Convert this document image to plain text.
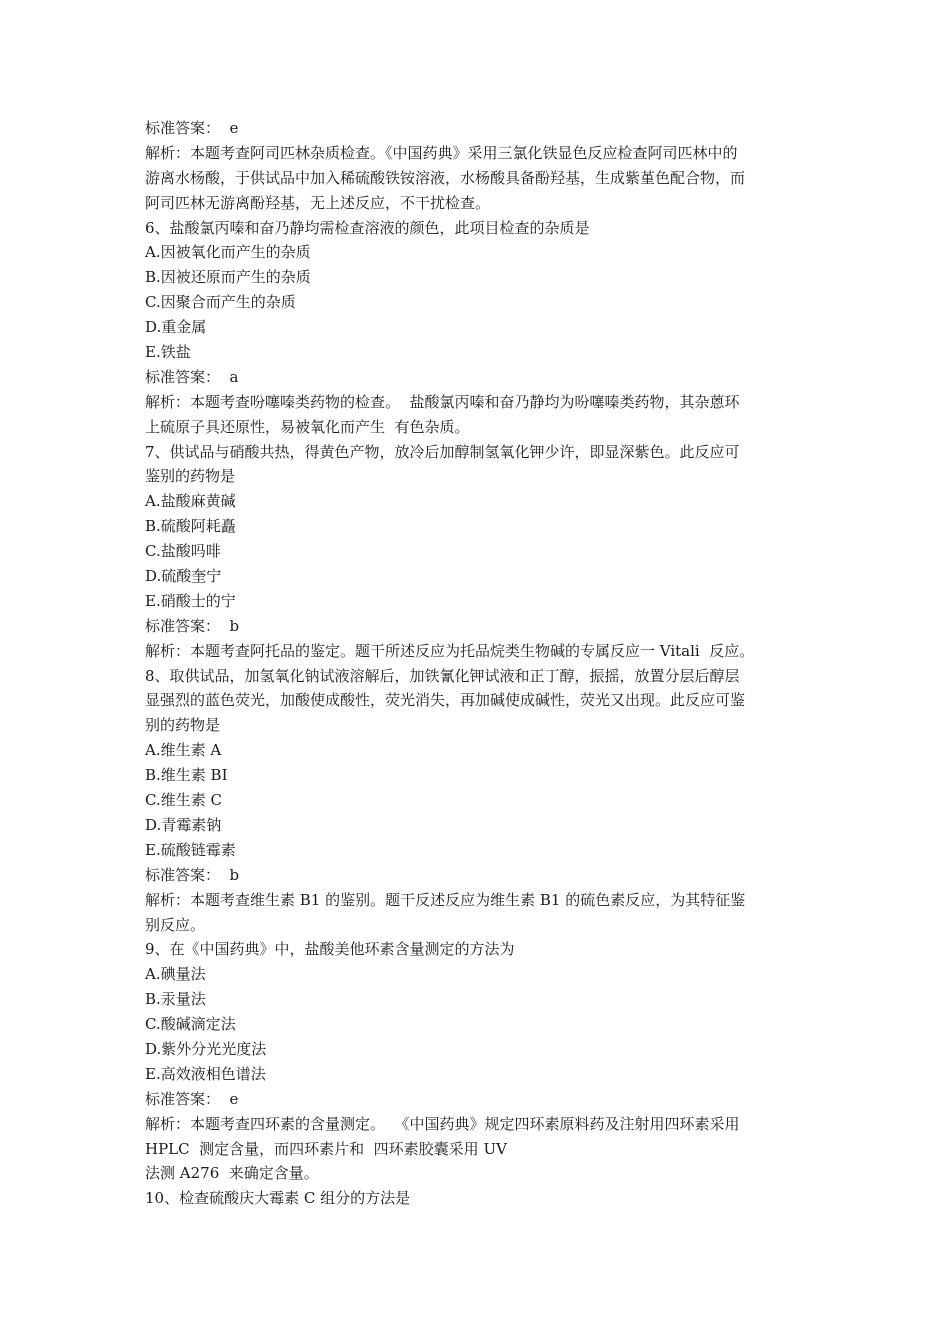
标准答案：  e
解析：本题考查阿司匹林杂质检查。《中国药典》采用三氯化铁显色反应检查阿司匹林中的
游离水杨酸，于供试品中加入稀硫酸铁铵溶液，水杨酸具备酚羟基，生成紫堇色配合物，而
阿司匹林无游离酚羟基，无上述反应，不干扰检查。
6、盐酸氯丙嗪和奋乃静均需检查溶液的颜色，此项目检查的杂质是
A.因被氧化而产生的杂质
B.因被还原而产生的杂质
C.因聚合而产生的杂质
D.重金属
E.铁盐
标准答案：  a
解析：本题考查吩噻嗪类药物的检查。  盐酸氯丙嗪和奋乃静均为吩噻嗪类药物，其杂蒽环
上硫原子具还原性，易被氧化而产生  有色杂质。
7、供试品与硝酸共热，得黄色产物，放冷后加醇制氢氧化钾少许，即显深紫色。此反应可
鉴别的药物是
A.盐酸麻黄碱
B.硫酸阿耗矗
C.盐酸吗啡
D.硫酸奎宁
E.硝酸士的宁
标准答案：  b
解析：本题考查阿托品的鉴定。题干所述反应为托品烷类生物碱的专属反应一 Vitali  反应。
8、取供试品，加氢氧化钠试液溶解后，加铁氰化钾试液和正丁醇，振摇，放置分层后醇层
显强烈的蓝色荧光，加酸使成酸性，荧光消失，再加碱使成碱性，荧光又出现。此反应可鉴
别的药物是
A.维生素 A
B.维生素 BI
C.维生素 C
D.青霉素钠
E.硫酸链霉素
标准答案：  b
解析：本题考查维生素 B1 的鉴别。题干反述反应为维生素 B1 的硫色素反应，为其特征鉴
别反应。
9、在《中国药典》中，盐酸美他环素含量测定的方法为
A.碘量法
B.汞量法
C.酸碱滴定法
D.紫外分光光度法
E.高效液相色谱法
标准答案：  e
解析：本题考查四环素的含量测定。  《中国药典》规定四环素原料药及注射用四环素采用
HPLC  测定含量，而四环素片和  四环素胶囊采用 UV
法测 A276  来确定含量。
10、检查硫酸庆大霉素 C 组分的方法是
